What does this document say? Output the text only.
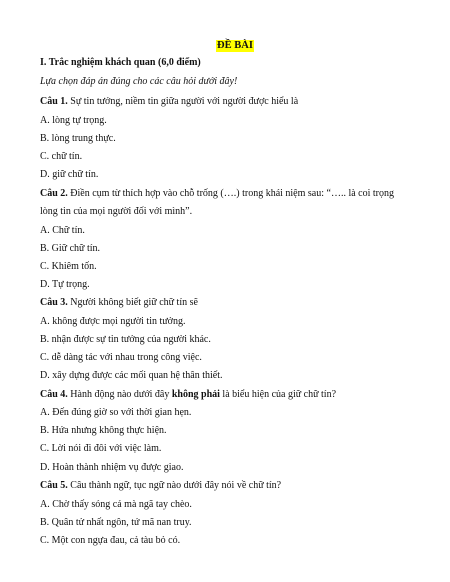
ĐỀ BÀI
I. Trắc nghiệm khách quan (6,0 điểm)
Lựa chọn đáp án đúng cho các câu hỏi dưới đây!
Câu 1. Sự tin tưởng, niềm tin giữa người với người được hiểu là
A. lòng tự trọng.
B. lòng trung thực.
C. chữ tín.
D. giữ chữ tín.
Câu 2. Điền cụm từ thích hợp vào chỗ trống (….) trong khái niệm sau: “….. là coi trọng
lòng tin của mọi người đối với mình”.
A. Chữ tín.
B. Giữ chữ tín.
C. Khiêm tốn.
D. Tự trọng.
Câu 3. Người không biết giữ chữ tín sẽ
A. không được mọi người tin tưởng.
B. nhận được sự tin tưởng của người khác.
C. dễ dàng tác với nhau trong công việc.
D. xây dựng được các mối quan hệ thân thiết.
Câu 4. Hành động nào dưới đây không phải là biểu hiện của giữ chữ tín?
A. Đến đúng giờ so với thời gian hẹn.
B. Hứa nhưng không thực hiện.
C. Lời nói đi đôi với việc làm.
D. Hoàn thành nhiệm vụ được giao.
Câu 5. Câu thành ngữ, tục ngữ nào dưới đây nói về chữ tín?
A. Chờ thấy sóng cả mà ngã tay chèo.
B. Quân tử nhất ngôn, tứ mã nan truy.
C. Một con ngựa đau, cả tàu bỏ có.
